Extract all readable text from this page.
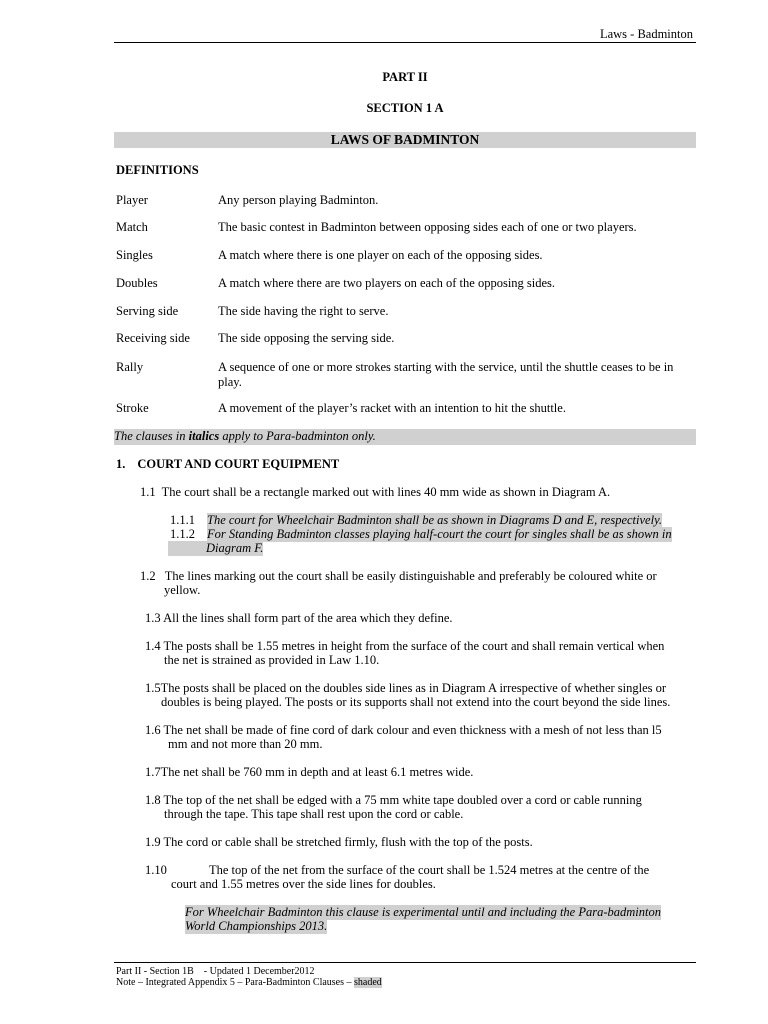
Laws - Badminton
PART II
SECTION 1 A
LAWS OF BADMINTON
DEFINITIONS
Player	Any person playing Badminton.
Match	The basic contest in Badminton between opposing sides each of one or two players.
Singles	A match where there is one player on each of the opposing sides.
Doubles	A match where there are two players on each of the opposing sides.
Serving side	The side having the right to serve.
Receiving side	The side opposing the serving side.
Rally	A sequence of one or more strokes starting with the service, until the shuttle ceases to be in play.
Stroke	A movement of the player’s racket with an intention to hit the shuttle.
The clauses in italics apply to Para-badminton only.
1. COURT AND COURT EQUIPMENT
1.1 The court shall be a rectangle marked out with lines 40 mm wide as shown in Diagram A.
1.1.1 The court for Wheelchair Badminton shall be as shown in Diagrams D and E, respectively.
1.1.2 For Standing Badminton classes playing half-court the court for singles shall be as shown in
Diagram F.
1.2 The lines marking out the court shall be easily distinguishable and preferably be coloured white or
yellow.
1.3 All the lines shall form part of the area which they define.
1.4 The posts shall be 1.55 metres in height from the surface of the court and shall remain vertical when
the net is strained as provided in Law 1.10.
1.5The posts shall be placed on the doubles side lines as in Diagram A irrespective of whether singles or
doubles is being played. The posts or its supports shall not extend into the court beyond the side lines.
1.6 The net shall be made of fine cord of dark colour and even thickness with a mesh of not less than l5
mm and not more than 20 mm.
1.7The net shall be 760 mm in depth and at least 6.1 metres wide.
1.8 The top of the net shall be edged with a 75 mm white tape doubled over a cord or cable running
through the tape. This tape shall rest upon the cord or cable.
1.9 The cord or cable shall be stretched firmly, flush with the top of the posts.
1.10	The top of the net from the surface of the court shall be 1.524 metres at the centre of the
court and 1.55 metres over the side lines for doubles.
For Wheelchair Badminton this clause is experimental until and including the Para-badminton
World Championships 2013.
Part II - Section 1B - Updated 1 December2012
Note – Integrated Appendix 5 – Para-Badminton Clauses – shaded
